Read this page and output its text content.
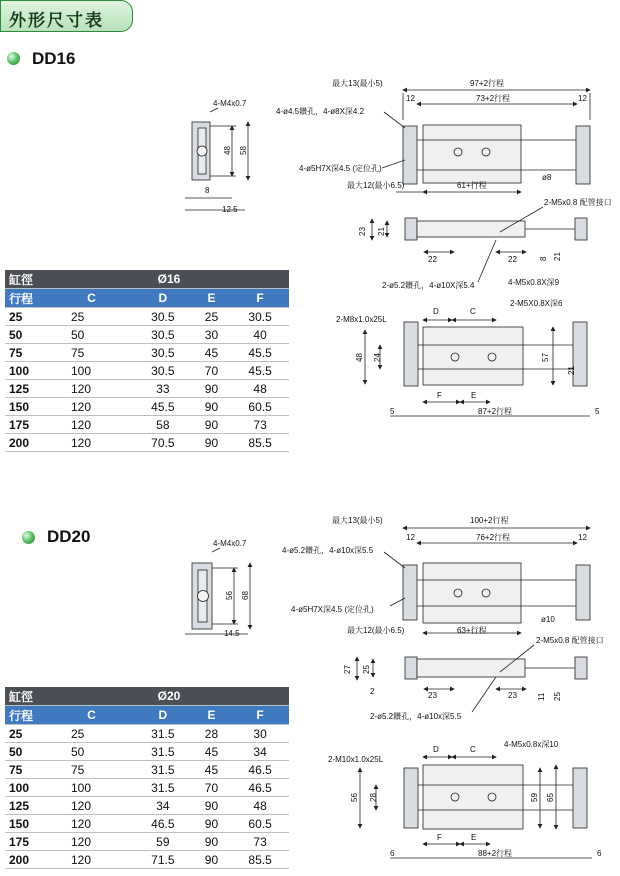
外形尺寸表
DD16
DD20
缸徑	Ø16			
行程	C	D	E	F
25	25	30.5	25	30.5
50	50	30.5	30	40
75	75	30.5	45	45.5
100	100	30.5	70	45.5
125	120	33	90	48
150	120	45.5	90	60.5
175	120	58	90	73
200	120	70.5	90	85.5
缸徑	Ø20			
行程	C	D	E	F
25	25	31.5	28	30
50	50	31.5	45	34
75	75	31.5	45	46.5
100	100	31.5	70	46.5
125	120	34	90	48
150	120	46.5	90	60.5
175	120	59	90	73
200	120	71.5	90	85.5
4-M4x0.7
48 58
8
12.5
最大13(最小5)	97+2行程
12	73+2行程	12
4-ø4.5鑽孔，4-ø8X深4.2
4-ø5H7X深4.5 (定位孔)
ø8
最大12(最小6.5)	61+行程
2-M5x0.8 配管接口
23 21
22	22	8 21
2-ø5.2鑽孔，4-ø10X深5.4	4-M5x0.8X深9
2-M5X0.8X深6
2-M8x1.0x25L
D	C
F	E
48 24	57
21
5	87+2行程	5
4-M4x0.7
56 68
14.5
最大13(最小5)	100+2行程
12	76+2行程	12
4-ø5.2鑽孔，4-ø10x深5.5
4-ø5H7X深4.5 (定位孔)
ø10
最大12(最小6.5)	63+行程
2-M5x0.8 配管接口
27 25
2	23	23	11 25
2-ø5.2鑽孔，4-ø10x深5.5
4-M5x0.8x深10
2-M10x1.0x25L
D	C
F	E
56 28	59 65
6	88+2行程	6
